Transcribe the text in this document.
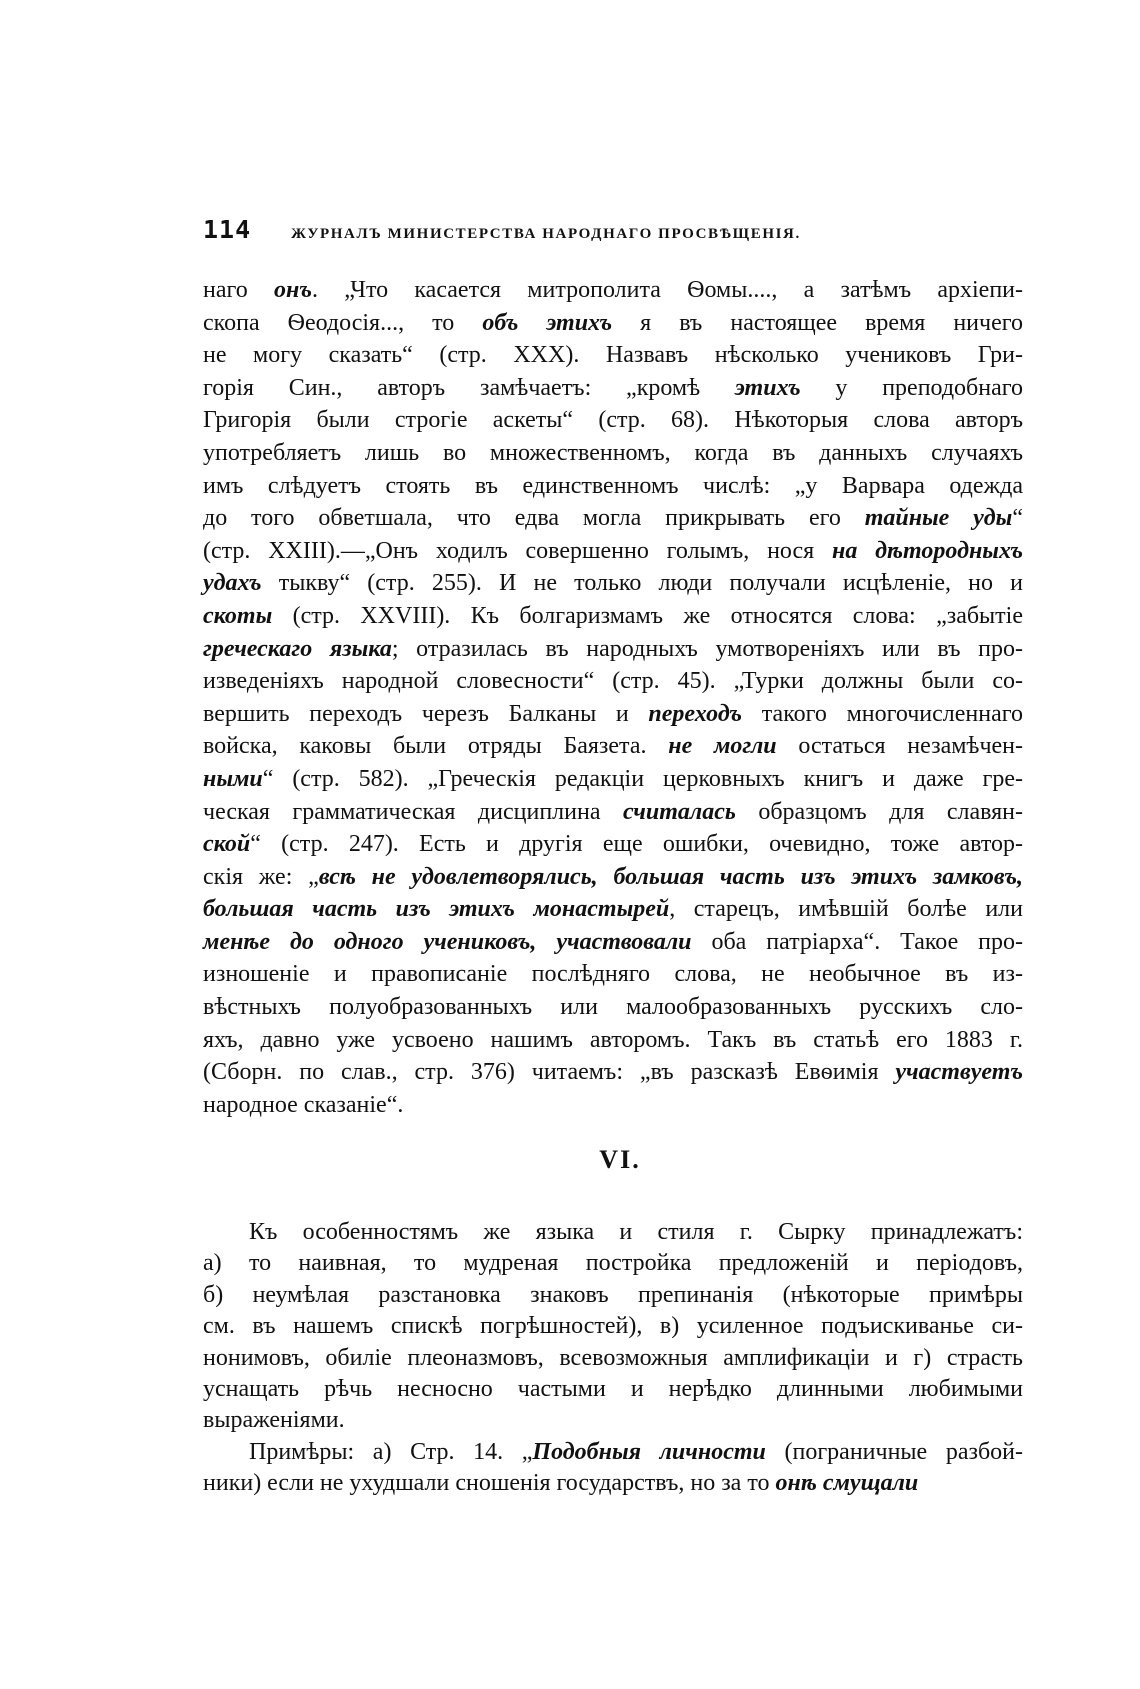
114	ЖУРНАЛЪ МИНИСТЕРСТВА НАРОДНАГО ПРОСВѢЩЕНІЯ.
наго онъ. „Что касается митрополита Ѳомы...., а затѣмъ архіепи-
скопа Ѳеодосія..., то объ этихъ я въ настоящее время ничего
не могу сказать“ (стр. XXX). Назвавъ нѣсколько учениковъ Гри-
горія Син., авторъ замѣчаетъ: „кромѣ этихъ у преподобнаго
Григорія были строгіе аскеты“ (стр. 68). Нѣкоторыя слова авторъ
употребляетъ лишь во множественномъ, когда въ данныхъ случаяхъ
имъ слѣдуетъ стоять въ единственномъ числѣ: „у Варвара одежда
до того обветшала, что едва могла прикрывать его тайные уды“
(стр. XXIII).—„Онъ ходилъ совершенно голымъ, нося на дѣтородныхъ
удахъ тыкву“ (стр. 255). И не только люди получали исцѣленіе, но и
скоты (стр. XXVIII). Къ болгаризмамъ же относятся слова: „забытіе
греческаго языка; отразилась въ народныхъ умотвореніяхъ или въ про-
изведеніяхъ народной словесности“ (стр. 45). „Турки должны были со-
вершить переходъ черезъ Балканы и переходъ такого многочисленнаго
войска, каковы были отряды Баязета. не могли остаться незамѣчен-
ными“ (стр. 582). „Греческія редакціи церковныхъ книгъ и даже гре-
ческая грамматическая дисциплина считалась образцомъ для славян-
ской“ (стр. 247). Есть и другія еще ошибки, очевидно, тоже автор-
скія же: „всѣ не удовлетворялись, большая часть изъ этихъ замковъ,
большая часть изъ этихъ монастырей, старецъ, имѣвшій болѣе или
менѣе до одного учениковъ, участвовали оба патріарха“. Такое про-
изношеніе и правописаніе послѣдняго слова, не необычное въ из-
вѣстныхъ полуобразованныхъ или малообразованныхъ русскихъ сло-
яхъ, давно уже усвоено нашимъ авторомъ. Такъ въ статьѣ его 1883 г.
(Сборн. по слав., стр. 376) читаемъ: „въ разсказѣ Евѳимія участвуетъ
народное сказаніе“.
VI.
Къ особенностямъ же языка и стиля г. Сырку принадлежатъ:
а) то наивная, то мудреная постройка предложеній и періодовъ,
б) неумѣлая разстановка знаковъ препинанія (нѣкоторые примѣры
см. въ нашемъ спискѣ погрѣшностей), в) усиленное подъискиванье си-
нонимовъ, обиліе плеоназмовъ, всевозможныя амплификаціи и г) страсть
уснащать рѣчь несносно частыми и нерѣдко длинными любимыми
выраженіями.
Примѣры: а) Стр. 14. „Подобныя личности (пограничные разбой-
ники) если не ухудшали сношенія государствъ, но за то онѣ смущали
